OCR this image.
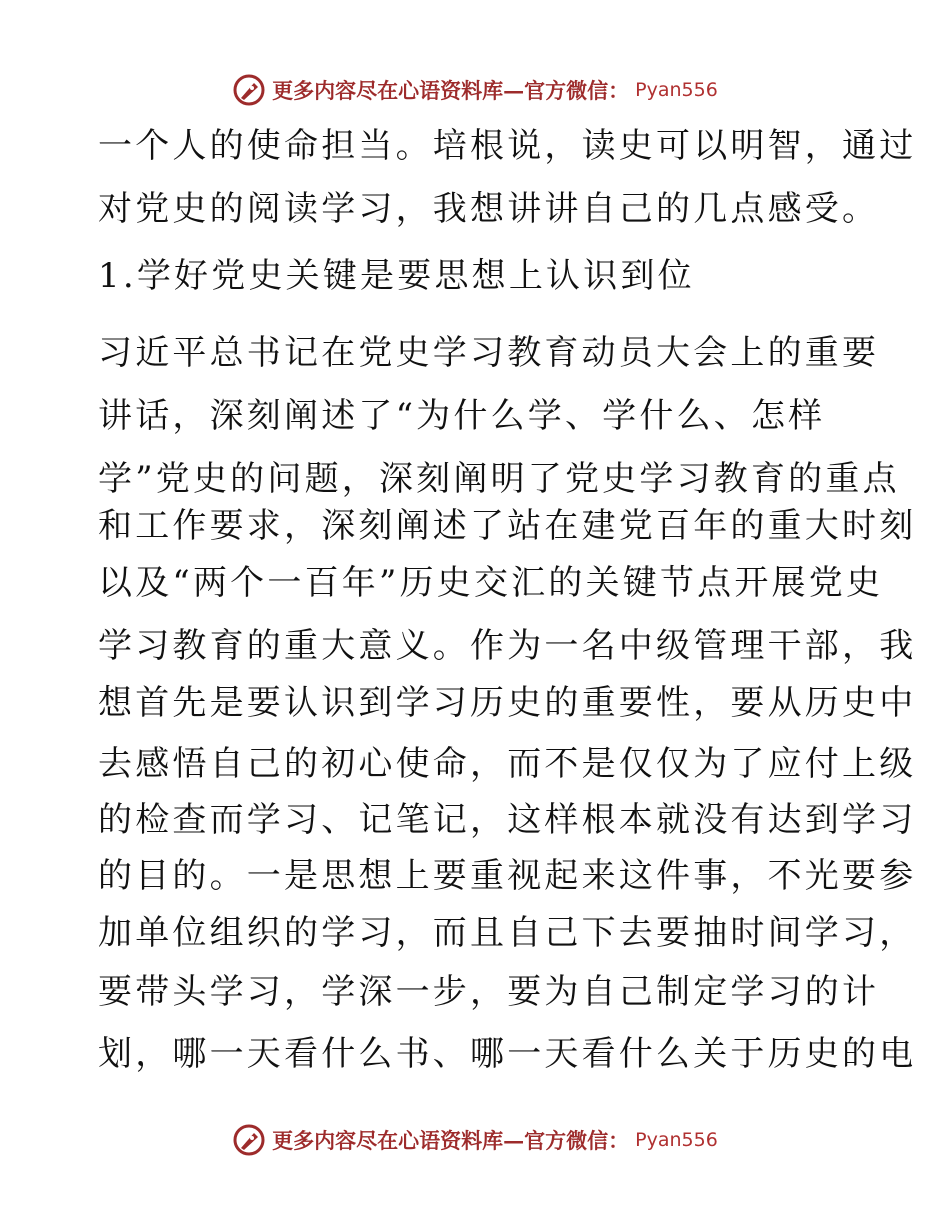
更多内容尽在心语资料库—官方微信： Pyan556
一个人的使命担当。培根说，读史可以明智，通过
对党史的阅读学习，我想讲讲自己的几点感受。
1.学好党史关键是要思想上认识到位
习近平总书记在党史学习教育动员大会上的重要
讲话，深刻阐述了“为什么学、学什么、怎样
学”党史的问题，深刻阐明了党史学习教育的重点
和工作要求，深刻阐述了站在建党百年的重大时刻
以及“两个一百年”历史交汇的关键节点开展党史
学习教育的重大意义。作为一名中级管理干部，我
想首先是要认识到学习历史的重要性，要从历史中
去感悟自己的初心使命，而不是仅仅为了应付上级
的检查而学习、记笔记，这样根本就没有达到学习
的目的。一是思想上要重视起来这件事，不光要参
加单位组织的学习，而且自己下去要抽时间学习，
要带头学习，学深一步，要为自己制定学习的计
划，哪一天看什么书、哪一天看什么关于历史的电
更多内容尽在心语资料库—官方微信： Pyan556
